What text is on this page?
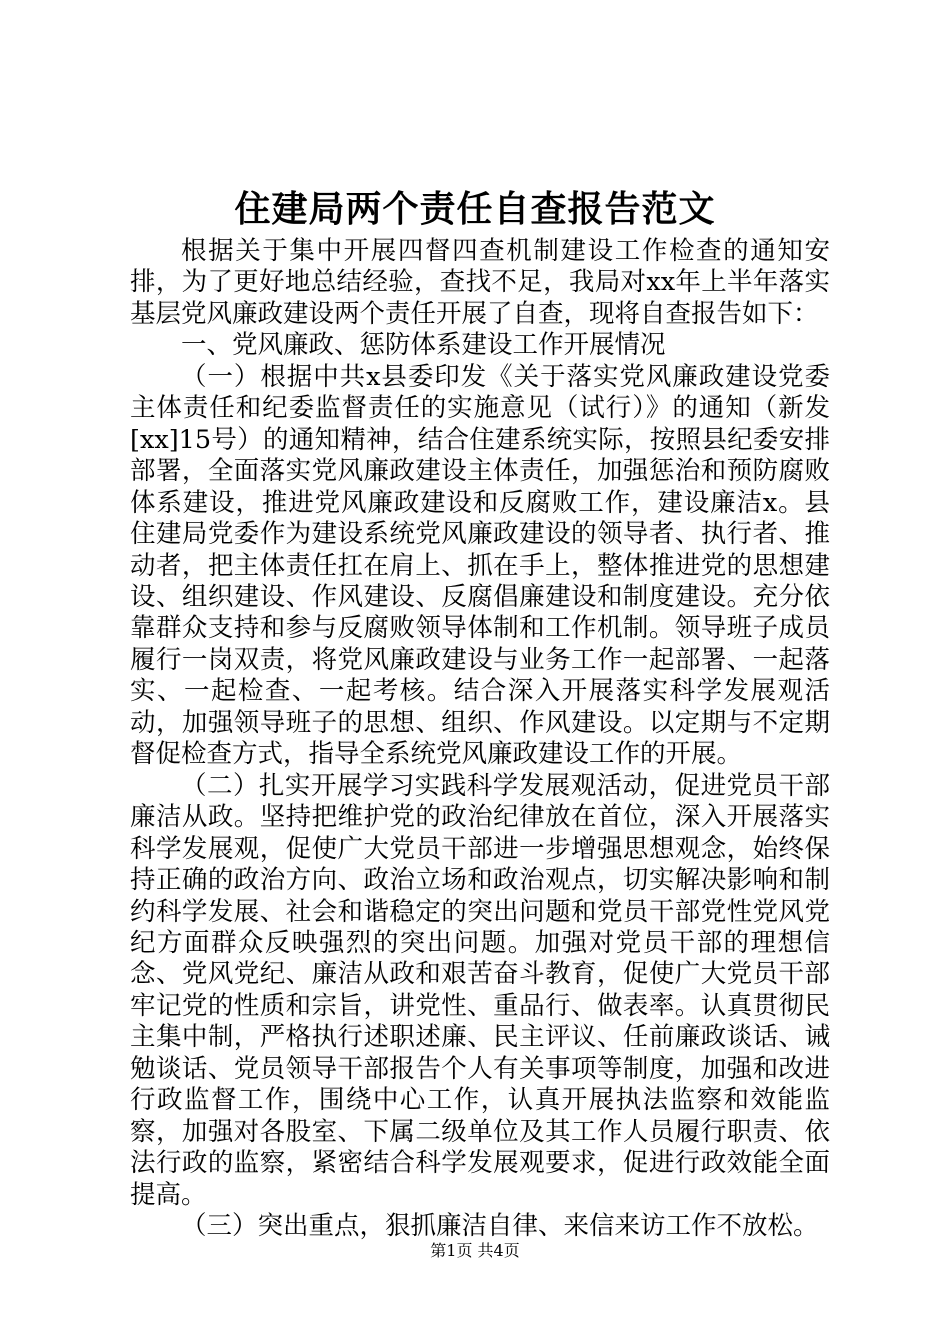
住建局两个责任自查报告范文

根据关于集中开展四督四查机制建设工作检查的通知安排，为了更好地总结经验，查找不足，我局对xx年上半年落实基层党风廉政建设两个责任开展了自查，现将自查报告如下：

一、党风廉政、惩防体系建设工作开展情况

（一）根据中共x县委印发《关于落实党风廉政建设党委主体责任和纪委监督责任的实施意见（试行）》的通知（新发[xx]15号）的通知精神，结合住建系统实际，按照县纪委安排部署，全面落实党风廉政建设主体责任，加强惩治和预防腐败体系建设，推进党风廉政建设和反腐败工作，建设廉洁x。县住建局党委作为建设系统党风廉政建设的领导者、执行者、推动者，把主体责任扛在肩上、抓在手上，整体推进党的思想建设、组织建设、作风建设、反腐倡廉建设和制度建设。充分依靠群众支持和参与反腐败领导体制和工作机制。领导班子成员履行一岗双责，将党风廉政建设与业务工作一起部署、一起落实、一起检查、一起考核。结合深入开展落实科学发展观活动，加强领导班子的思想、组织、作风建设。以定期与不定期督促检查方式，指导全系统党风廉政建设工作的开展。

（二）扎实开展学习实践科学发展观活动，促进党员干部廉洁从政。坚持把维护党的政治纪律放在首位，深入开展落实科学发展观，促使广大党员干部进一步增强思想观念，始终保持正确的政治方向、政治立场和政治观点，切实解决影响和制约科学发展、社会和谐稳定的突出问题和党员干部党性党风党纪方面群众反映强烈的突出问题。加强对党员干部的理想信念、党风党纪、廉洁从政和艰苦奋斗教育，促使广大党员干部牢记党的性质和宗旨，讲党性、重品行、做表率。认真贯彻民主集中制，严格执行述职述廉、民主评议、任前廉政谈话、诫勉谈话、党员领导干部报告个人有关事项等制度，加强和改进行政监督工作，围绕中心工作，认真开展执法监察和效能监察，加强对各股室、下属二级单位及其工作人员履行职责、依法行政的监察，紧密结合科学发展观要求，促进行政效能全面提高。

（三）突出重点，狠抓廉洁自律、来信来访工作不放松。

第1页 共4页
